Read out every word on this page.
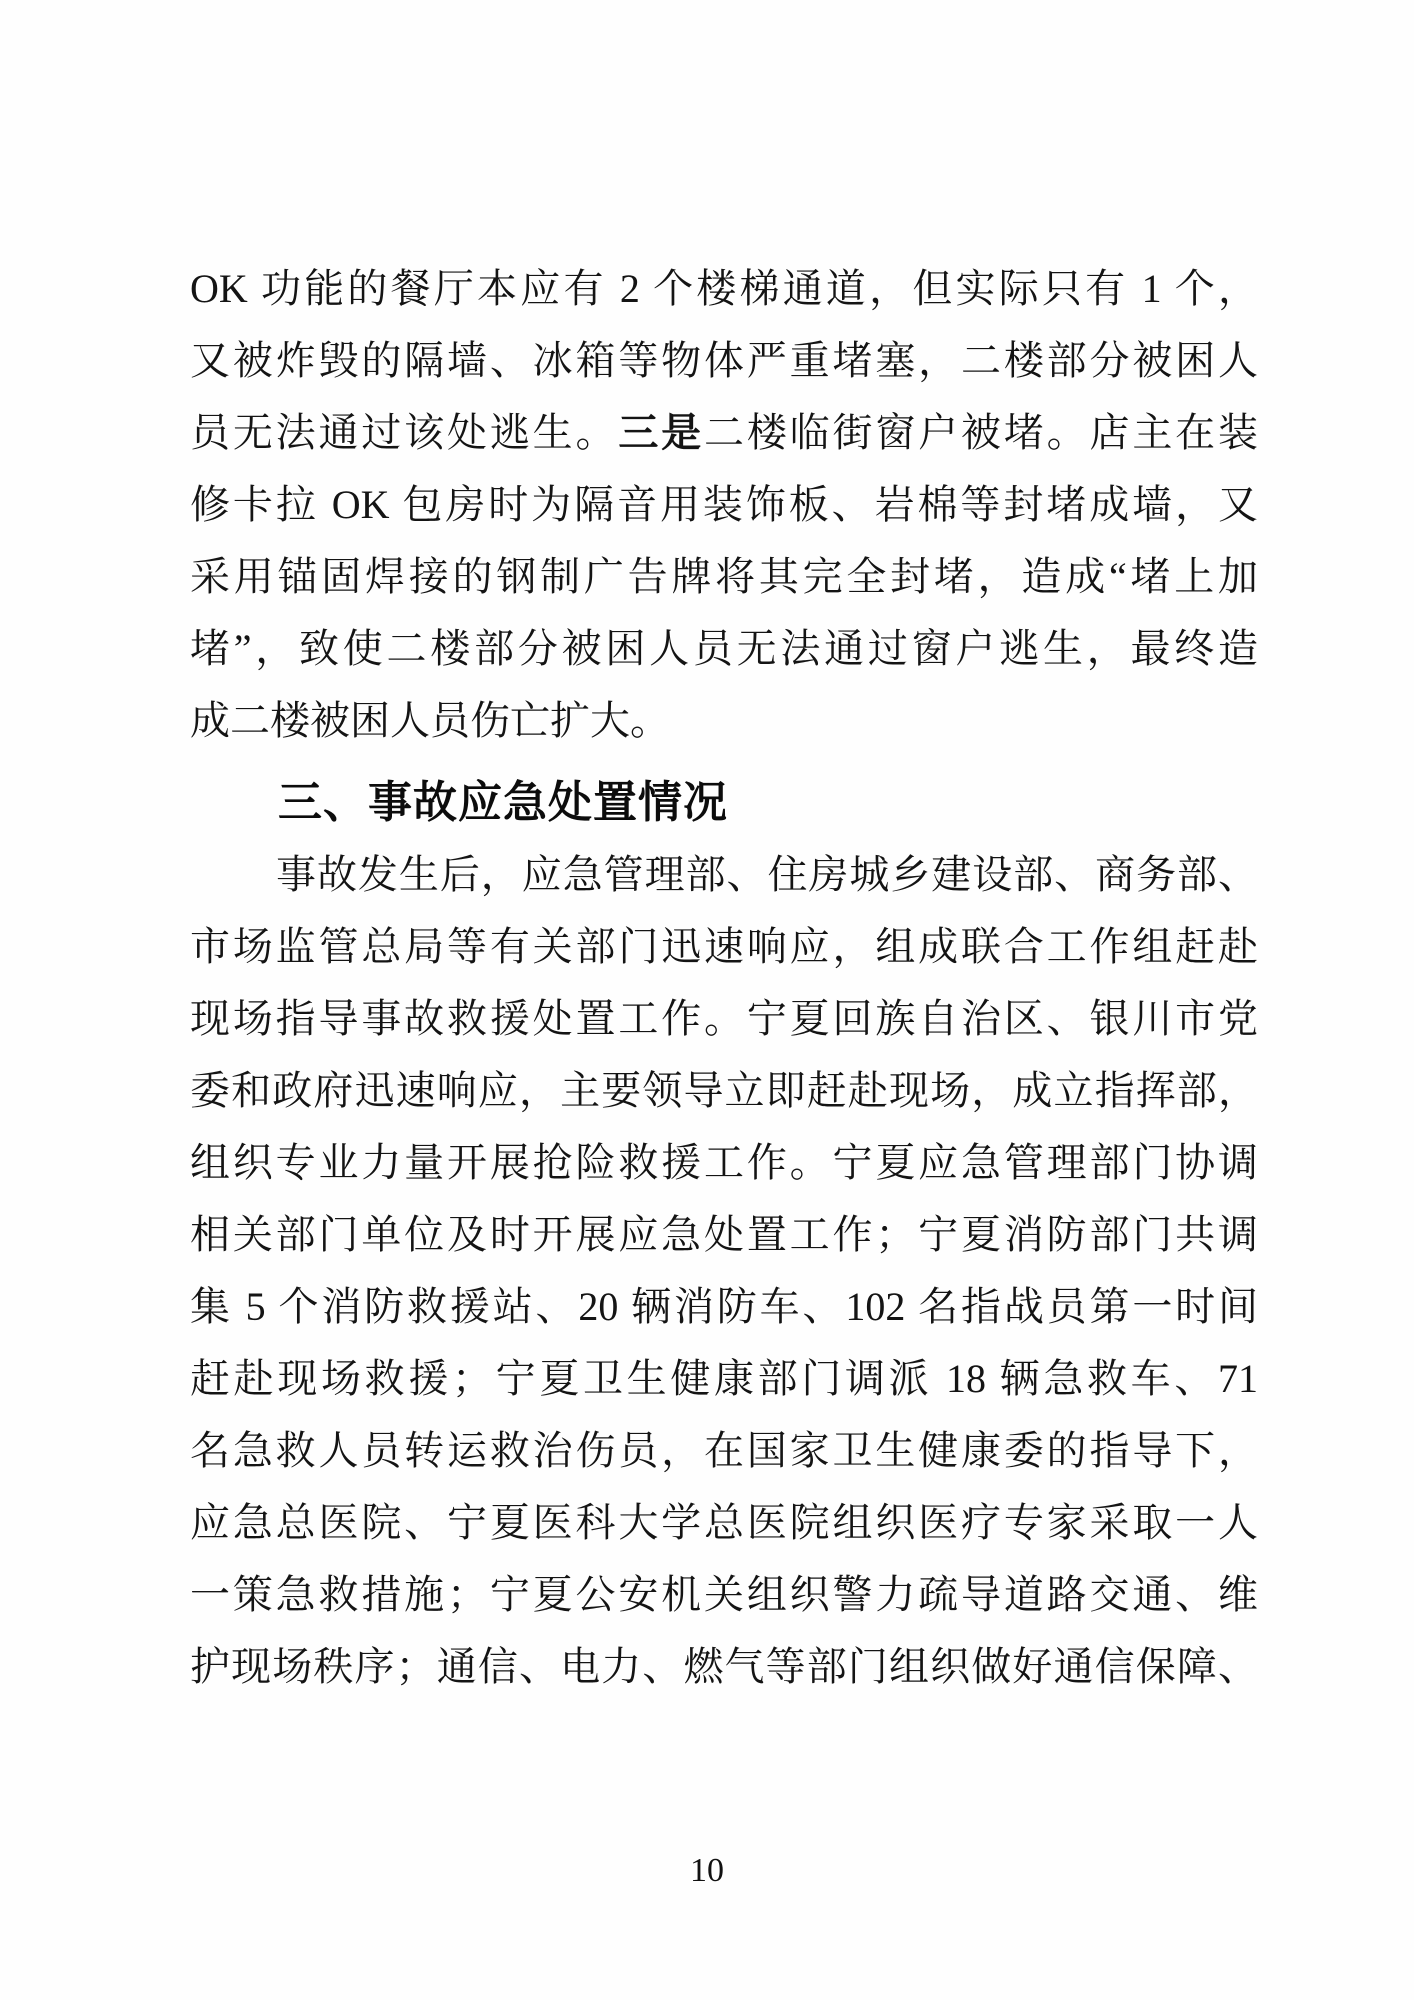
OK 功能的餐厅本应有 2 个楼梯通道，但实际只有 1 个，
又被炸毁的隔墙、冰箱等物体严重堵塞，二楼部分被困人
员无法通过该处逃生。三是二楼临街窗户被堵。店主在装
修卡拉 OK 包房时为隔音用装饰板、岩棉等封堵成墙，又
采用锚固焊接的钢制广告牌将其完全封堵，造成“堵上加
堵”，致使二楼部分被困人员无法通过窗户逃生，最终造
成二楼被困人员伤亡扩大。
三、事故应急处置情况
事故发生后，应急管理部、住房城乡建设部、商务部、
市场监管总局等有关部门迅速响应，组成联合工作组赶赴
现场指导事故救援处置工作。宁夏回族自治区、银川市党
委和政府迅速响应，主要领导立即赶赴现场，成立指挥部，
组织专业力量开展抢险救援工作。宁夏应急管理部门协调
相关部门单位及时开展应急处置工作；宁夏消防部门共调
集 5 个消防救援站、20 辆消防车、102 名指战员第一时间
赶赴现场救援；宁夏卫生健康部门调派 18 辆急救车、71
名急救人员转运救治伤员，在国家卫生健康委的指导下，
应急总医院、宁夏医科大学总医院组织医疗专家采取一人
一策急救措施；宁夏公安机关组织警力疏导道路交通、维
护现场秩序；通信、电力、燃气等部门组织做好通信保障、
10
